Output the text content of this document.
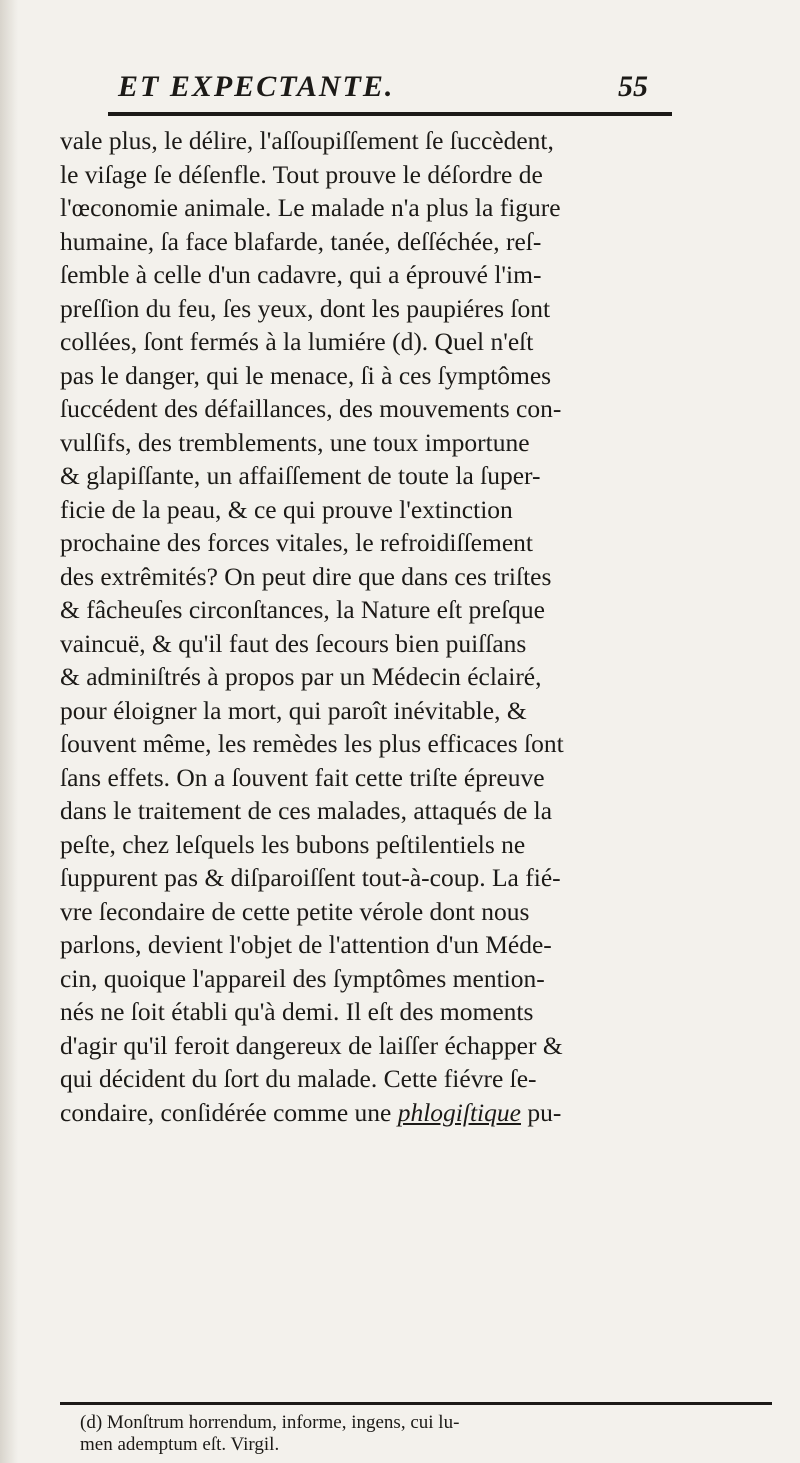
ET EXPECTANTE.	55
vale plus, le délire, l'aſſoupiſſement ſe ſuccèdent,
le viſage ſe déſenfle. Tout prouve le déſordre de
l'œconomie animale. Le malade n'a plus la figure
humaine, ſa face blafarde, tanée, deſſéchée, reſ-
ſemble à celle d'un cadavre, qui a éprouvé l'im-
preſſion du feu, ſes yeux, dont les paupiéres ſont
collées, ſont fermés à la lumiére (d). Quel n'eſt
pas le danger, qui le menace, ſi à ces ſymptômes
ſuccédent des défaillances, des mouvements con-
vulſifs, des tremblements, une toux importune
& glapiſſante, un affaiſſement de toute la ſuper-
ficie de la peau, & ce qui prouve l'extinction
prochaine des forces vitales, le refroidiſſement
des extrêmités? On peut dire que dans ces triſtes
& fâcheuſes circonſtances, la Nature eſt preſque
vaincuë, & qu'il faut des ſecours bien puiſſans
& adminiſtrés à propos par un Médecin éclairé,
pour éloigner la mort, qui paroît inévitable, &
ſouvent même, les remèdes les plus efficaces ſont
ſans effets. On a ſouvent fait cette triſte épreuve
dans le traitement de ces malades, attaqués de la
peſte, chez leſquels les bubons peſtilentiels ne
ſuppurent pas & diſparoiſſent tout-à-coup. La fié-
vre ſecondaire de cette petite vérole dont nous
parlons, devient l'objet de l'attention d'un Méde-
cin, quoique l'appareil des ſymptômes mention-
nés ne ſoit établi qu'à demi. Il eſt des moments
d'agir qu'il feroit dangereux de laiſſer échapper &
qui décident du ſort du malade. Cette fiévre ſe-
condaire, conſidérée comme une phlogiſtique pu-
(d) Monſtrum horrendum, informe, ingens, cui lu-
men ademptum eſt. Virgil.
